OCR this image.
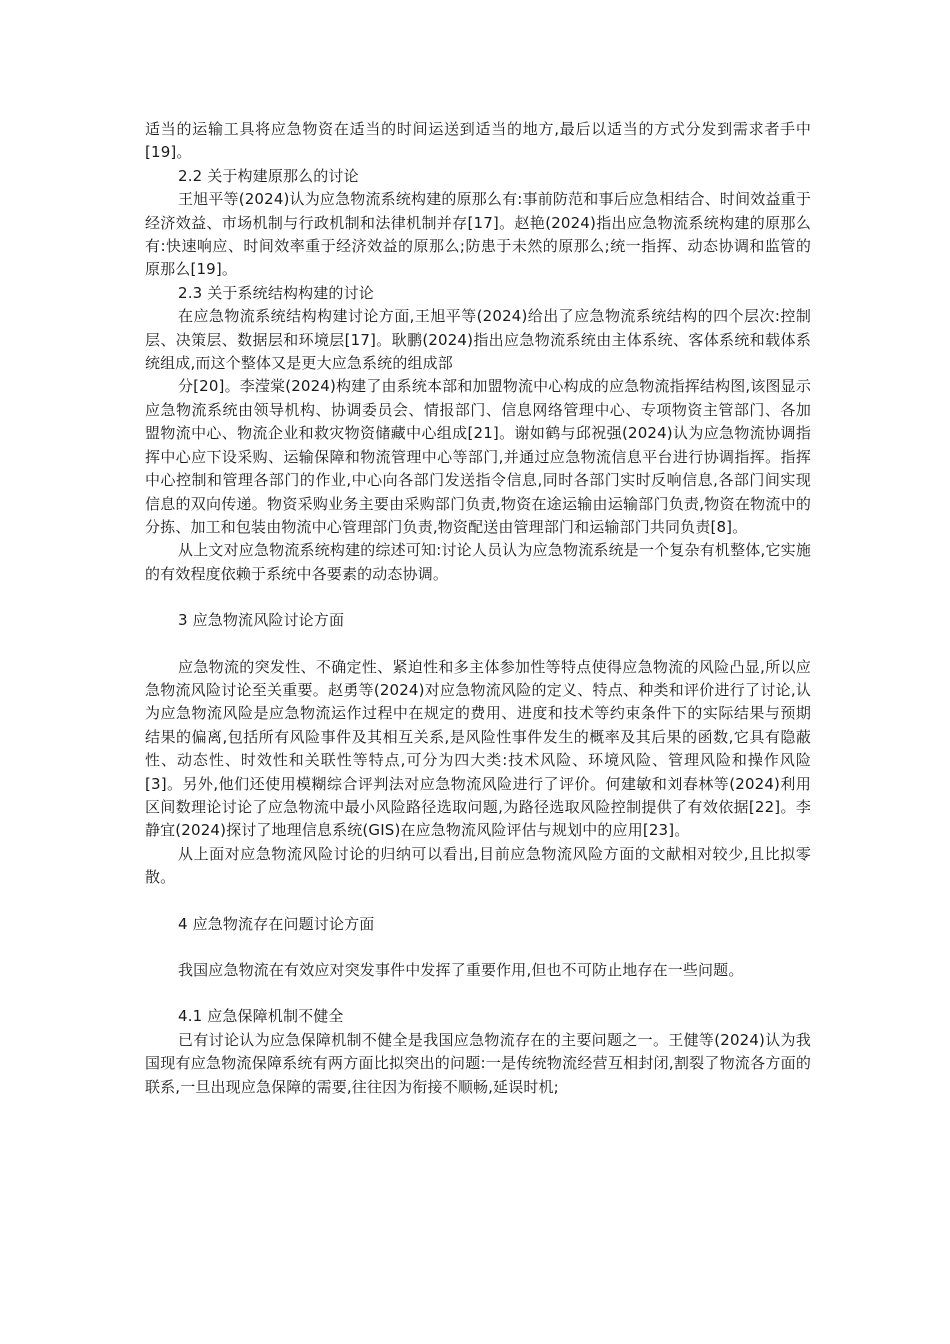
适当的运输工具将应急物资在适当的时间运送到适当的地方,最后以适当的方式分发到需求者手中[19]。

2.2 关于构建原那么的讨论

王旭平等(2024)认为应急物流系统构建的原那么有:事前防范和事后应急相结合、时间效益重于经济效益、市场机制与行政机制和法律机制并存[17]。赵艳(2024)指出应急物流系统构建的原那么有:快速响应、时间效率重于经济效益的原那么;防患于未然的原那么;统一指挥、动态协调和监管的原那么[19]。

2.3 关于系统结构构建的讨论

在应急物流系统结构构建讨论方面,王旭平等(2024)给出了应急物流系统结构的四个层次:控制层、决策层、数据层和环境层[17]。耿鹏(2024)指出应急物流系统由主体系统、客体系统和载体系统组成,而这个整体又是更大应急系统的组成部

分[20]。李滢棠(2024)构建了由系统本部和加盟物流中心构成的应急物流指挥结构图,该图显示应急物流系统由领导机构、协调委员会、情报部门、信息网络管理中心、专项物资主管部门、各加盟物流中心、物流企业和救灾物资储藏中心组成[21]。谢如鹤与邱祝强(2024)认为应急物流协调指挥中心应下设采购、运输保障和物流管理中心等部门,并通过应急物流信息平台进行协调指挥。指挥中心控制和管理各部门的作业,中心向各部门发送指令信息,同时各部门实时反响信息,各部门间实现信息的双向传递。物资采购业务主要由采购部门负责,物资在途运输由运输部门负责,物资在物流中的分拣、加工和包装由物流中心管理部门负责,物资配送由管理部门和运输部门共同负责[8]。

从上文对应急物流系统构建的综述可知:讨论人员认为应急物流系统是一个复杂有机整体,它实施的有效程度依赖于系统中各要素的动态协调。

3 应急物流风险讨论方面

应急物流的突发性、不确定性、紧迫性和多主体参加性等特点使得应急物流的风险凸显,所以应急物流风险讨论至关重要。赵勇等(2024)对应急物流风险的定义、特点、种类和评价进行了讨论,认为应急物流风险是应急物流运作过程中在规定的费用、进度和技术等约束条件下的实际结果与预期结果的偏离,包括所有风险事件及其相互关系,是风险性事件发生的概率及其后果的函数,它具有隐蔽性、动态性、时效性和关联性等特点,可分为四大类:技术风险、环境风险、管理风险和操作风险[3]。另外,他们还使用模糊综合评判法对应急物流风险进行了评价。何建敏和刘春林等(2024)利用区间数理论讨论了应急物流中最小风险路径选取问题,为路径选取风险控制提供了有效依据[22]。李静宜(2024)探讨了地理信息系统(GIS)在应急物流风险评估与规划中的应用[23]。

从上面对应急物流风险讨论的归纳可以看出,目前应急物流风险方面的文献相对较少,且比拟零散。

4 应急物流存在问题讨论方面

我国应急物流在有效应对突发事件中发挥了重要作用,但也不可防止地存在一些问题。

4.1 应急保障机制不健全

已有讨论认为应急保障机制不健全是我国应急物流存在的主要问题之一。王健等(2024)认为我国现有应急物流保障系统有两方面比拟突出的问题:一是传统物流经营互相封闭,割裂了物流各方面的联系,一旦出现应急保障的需要,往往因为衔接不顺畅,延误时机;
